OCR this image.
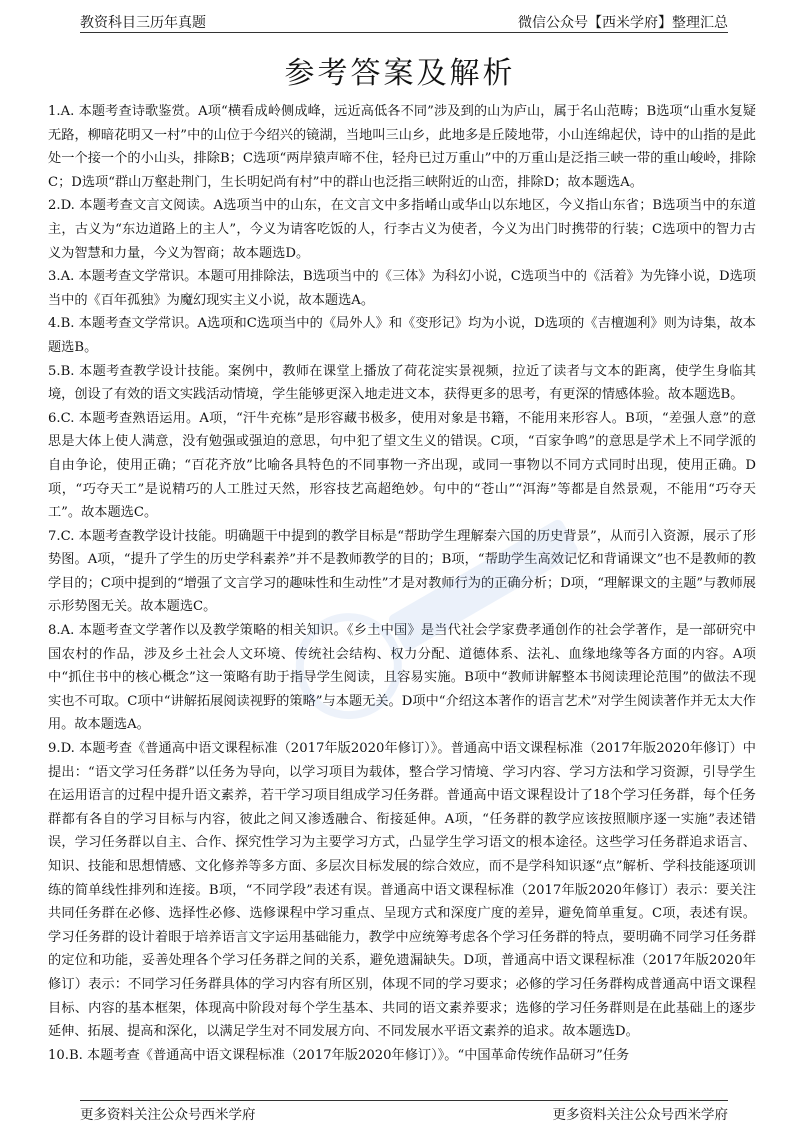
教资科目三历年真题	微信公众号【西米学府】整理汇总
参考答案及解析

1.A. 本题考查诗歌鉴赏。A项“横看成岭侧成峰，远近高低各不同”涉及到的山为庐山，属于名山范畴；B选项“山重水复疑无路，柳暗花明又一村”中的山位于今绍兴的镜湖，当地叫三山乡，此地多是丘陵地带，小山连绵起伏，诗中的山指的是此处一个接一个的小山头，排除B；C选项“两岸猿声啼不住，轻舟已过万重山”中的万重山是泛指三峡一带的重山峻岭，排除C；D选项“群山万壑赴荆门，生长明妃尚有村”中的群山也泛指三峡附近的山峦，排除D；故本题选A。

2.D. 本题考查文言文阅读。A选项当中的山东，在文言文中多指崤山或华山以东地区，今义指山东省；B选项当中的东道主，古义为“东边道路上的主人”，今义为请客吃饭的人，行李古义为使者，今义为出门时携带的行装；C选项中的智力古义为智慧和力量，今义为智商；故本题选D。

3.A. 本题考查文学常识。本题可用排除法，B选项当中的《三体》为科幻小说，C选项当中的《活着》为先锋小说，D选项当中的《百年孤独》为魔幻现实主义小说，故本题选A。

4.B. 本题考查文学常识。A选项和C选项当中的《局外人》和《变形记》均为小说，D选项的《吉檀迦利》则为诗集，故本题选B。

5.B. 本题考查教学设计技能。案例中，教师在课堂上播放了荷花淀实景视频，拉近了读者与文本的距离，使学生身临其境，创设了有效的语文实践活动情境，学生能够更深入地走进文本，获得更多的思考，有更深的情感体验。故本题选B。

6.C. 本题考查熟语运用。A项，“汗牛充栋”是形容藏书极多，使用对象是书籍，不能用来形容人。B项，“差强人意”的意思是大体上使人满意，没有勉强或强迫的意思，句中犯了望文生义的错误。C项，“百家争鸣”的意思是学术上不同学派的自由争论，使用正确；“百花齐放”比喻各具特色的不同事物一齐出现，或同一事物以不同方式同时出现，使用正确。D项，“巧夺天工”是说精巧的人工胜过天然，形容技艺高超绝妙。句中的“苍山”“洱海”等都是自然景观，不能用“巧夺天工”。故本题选C。

7.C. 本题考查教学设计技能。明确题干中提到的教学目标是“帮助学生理解秦六国的历史背景”，从而引入资源，展示了形势图。A项，“提升了学生的历史学科素养”并不是教师教学的目的；B项，“帮助学生高效记忆和背诵课文”也不是教师的教学目的；C项中提到的“增强了文言学习的趣味性和生动性”才是对教师行为的正确分析；D项，“理解课文的主题”与教师展示形势图无关。故本题选C。

8.A. 本题考查文学著作以及教学策略的相关知识。《乡土中国》是当代社会学家费孝通创作的社会学著作，是一部研究中国农村的作品，涉及乡土社会人文环境、传统社会结构、权力分配、道德体系、法礼、血缘地缘等各方面的内容。A项中“抓住书中的核心概念”这一策略有助于指导学生阅读，且容易实施。B项中“教师讲解整本书阅读理论范围”的做法不现实也不可取。C项中“讲解拓展阅读视野的策略”与本题无关。D项中“介绍这本著作的语言艺术”对学生阅读著作并无太大作用。故本题选A。

9.D. 本题考查《普通高中语文课程标准（2017年版2020年修订）》。普通高中语文课程标准（2017年版2020年修订）中提出：“语文学习任务群”以任务为导向，以学习项目为载体，整合学习情境、学习内容、学习方法和学习资源，引导学生在运用语言的过程中提升语文素养，若干学习项目组成学习任务群。普通高中语文课程设计了18个学习任务群，每个任务群都有各自的学习目标与内容，彼此之间又渗透融合、衔接延伸。A项，“任务群的教学应该按照顺序逐一实施”表述错误，学习任务群以自主、合作、探究性学习为主要学习方式，凸显学生学习语文的根本途径。这些学习任务群追求语言、知识、技能和思想情感、文化修养等多方面、多层次目标发展的综合效应，而不是学科知识逐“点”解析、学科技能逐项训练的简单线性排列和连接。B项，“不同学段”表述有误。普通高中语文课程标准（2017年版2020年修订）表示：要关注共同任务群在必修、选择性必修、选修课程中学习重点、呈现方式和深度广度的差异，避免简单重复。C项，表述有误。学习任务群的设计着眼于培养语言文字运用基础能力，教学中应统筹考虑各个学习任务群的特点，要明确不同学习任务群的定位和功能，妥善处理各个学习任务群之间的关系，避免遗漏缺失。D项，普通高中语文课程标准（2017年版2020年修订）表示：不同学习任务群具体的学习内容有所区别，体现不同的学习要求；必修的学习任务群构成普通高中语文课程目标、内容的基本框架，体现高中阶段对每个学生基本、共同的语文素养要求；选修的学习任务群则是在此基础上的逐步延伸、拓展、提高和深化，以满足学生对不同发展方向、不同发展水平语文素养的追求。故本题选D。

10.B. 本题考查《普通高中语文课程标准（2017年版2020年修订）》。“中国革命传统作品研习”任务

更多资料关注公众号西米学府	更多资料关注公众号西米学府
